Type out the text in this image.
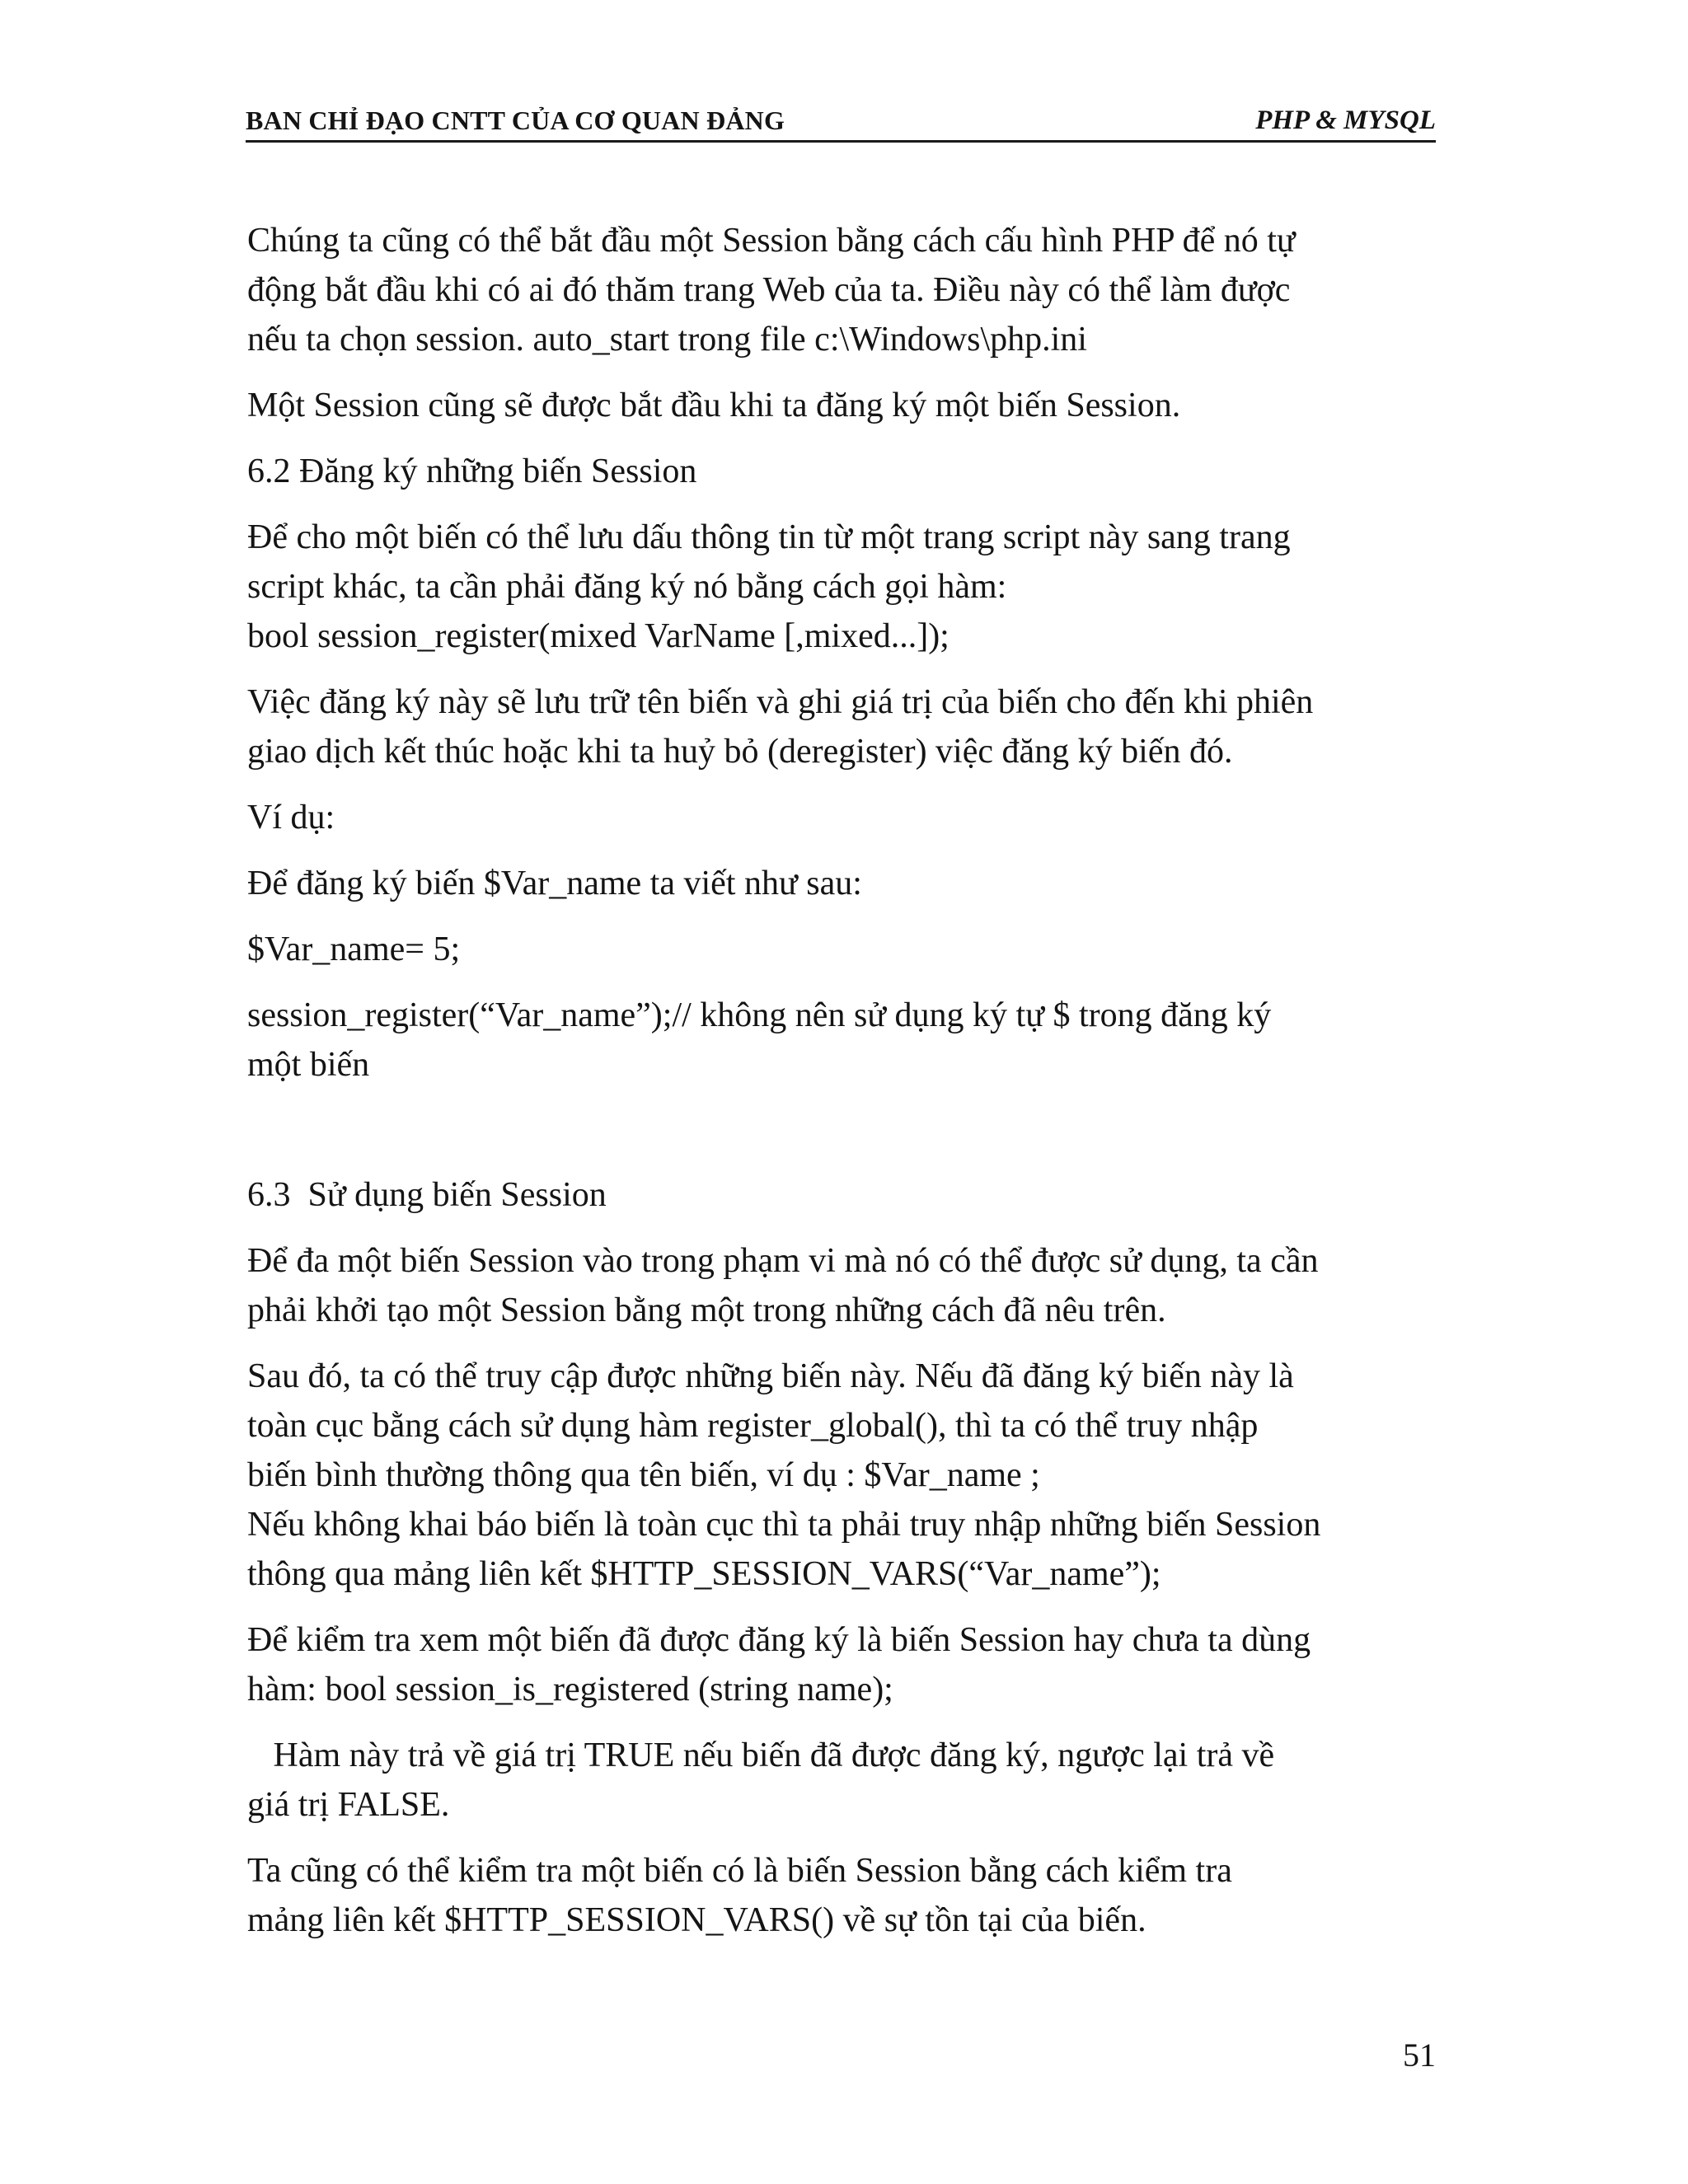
BAN CHỈ ĐẠO CNTT CỦA CƠ QUAN ĐẢNG	PHP & MYSQL

Chúng ta cũng có thể bắt đầu một Session bằng cách cấu hình PHP để nó tự
động bắt đầu khi có ai đó thăm trang Web của ta. Điều này có thể làm được
nếu ta chọn session. auto_start trong file c:\Windows\php.ini

Một Session cũng sẽ được bắt đầu khi ta đăng ký một biến Session.

6.2 Đăng ký những biến Session

Để cho một biến có thể lưu dấu thông tin từ một trang script này sang trang
script khác, ta cần phải đăng ký nó bằng cách gọi hàm:
bool session_register(mixed VarName [,mixed...]);

Việc đăng ký này sẽ lưu trữ tên biến và ghi giá trị của biến cho đến khi phiên
giao dịch kết thúc hoặc khi ta huỷ bỏ (deregister) việc đăng ký biến đó.

Ví dụ:

Để đăng ký biến $Var_name ta viết như sau:

$Var_name= 5;

session_register(“Var_name”);// không nên sử dụng ký tự $ trong đăng ký
một biến

6.3  Sử dụng biến Session

Để đa một biến Session vào trong phạm vi mà nó có thể được sử dụng, ta cần
phải khởi tạo một Session bằng một trong những cách đã nêu trên.

Sau đó, ta có thể truy cập được những biến này. Nếu đã đăng ký biến này là
toàn cục bằng cách sử dụng hàm register_global(), thì ta có thể truy nhập
biến bình thường thông qua tên biến, ví dụ : $Var_name ;
Nếu không khai báo biến là toàn cục thì ta phải truy nhập những biến Session
thông qua mảng liên kết $HTTP_SESSION_VARS(“Var_name”);

Để kiểm tra xem một biến đã được đăng ký là biến Session hay chưa ta dùng
hàm: bool session_is_registered (string name);

Hàm này trả về giá trị TRUE nếu biến đã được đăng ký, ngược lại trả về
giá trị FALSE.

Ta cũng có thể kiểm tra một biến có là biến Session bằng cách kiểm tra
mảng liên kết $HTTP_SESSION_VARS() về sự tồn tại của biến.

51
